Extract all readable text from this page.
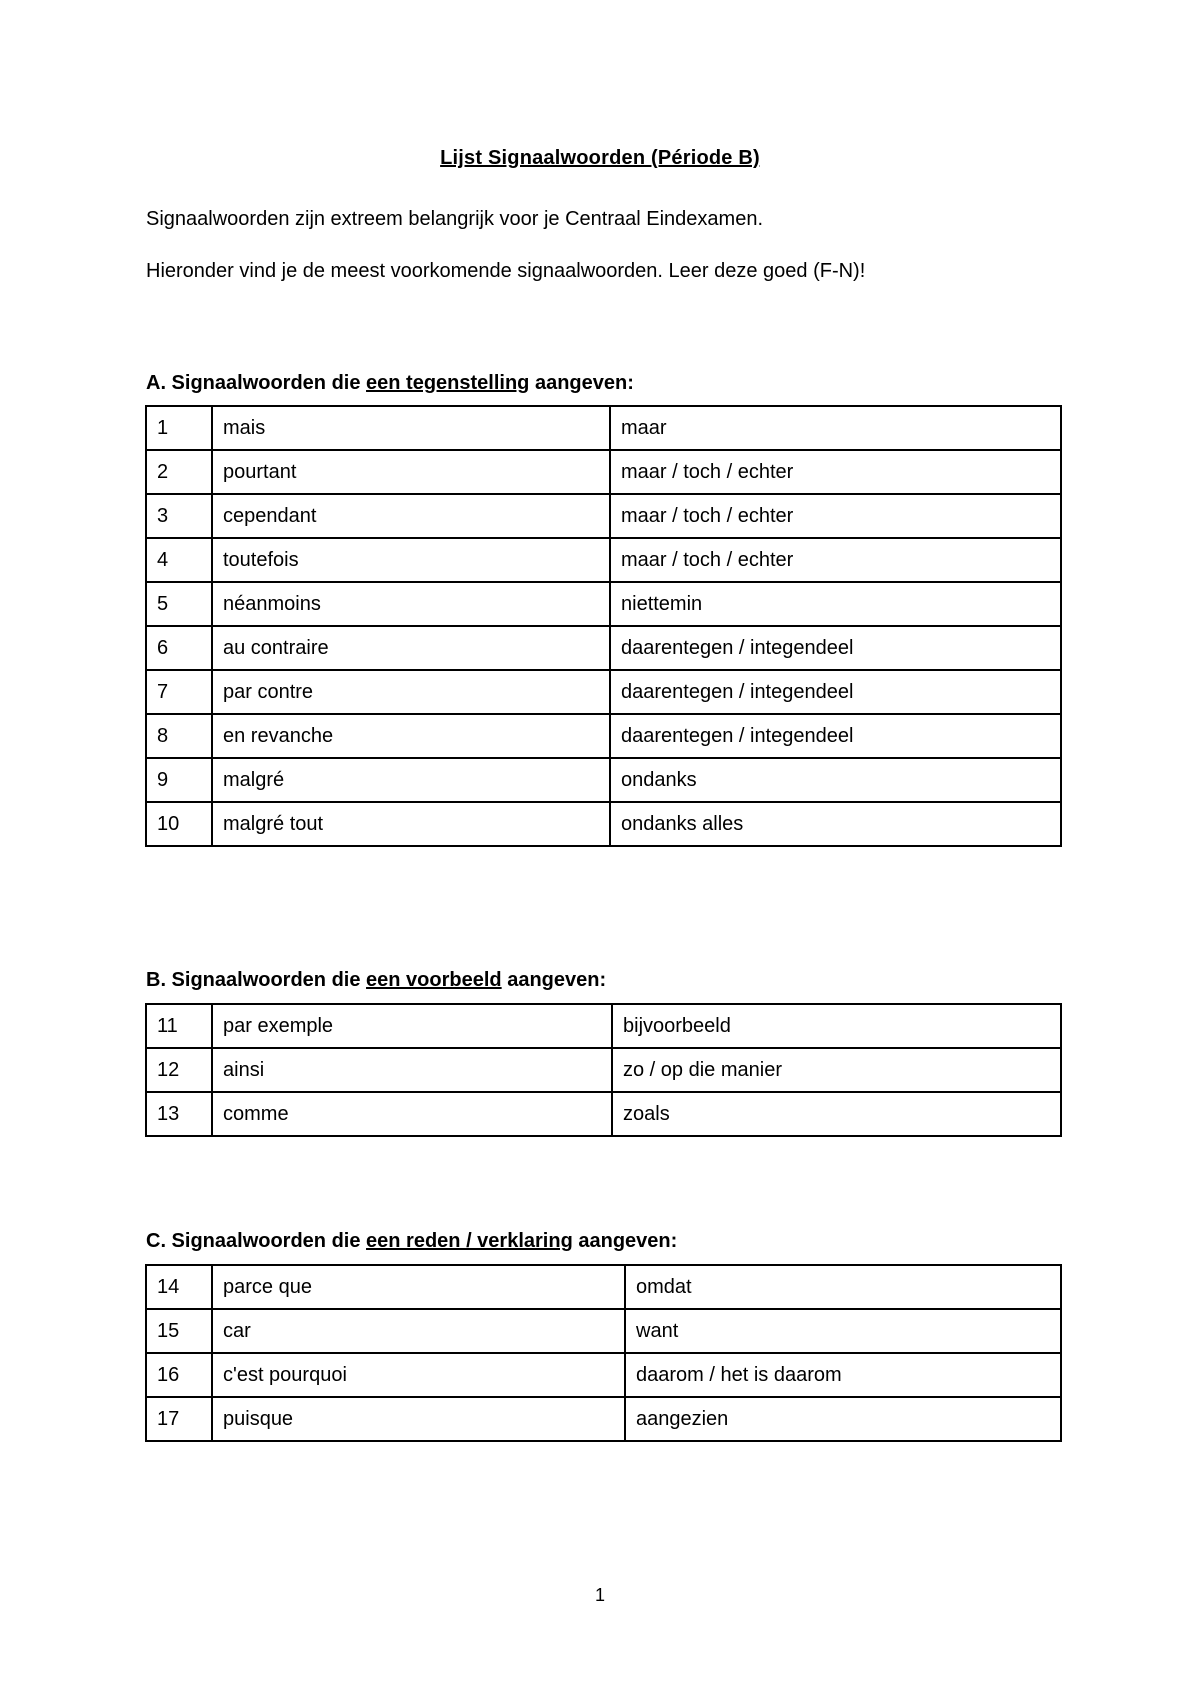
Lijst Signaalwoorden (Période B)
Signaalwoorden zijn extreem belangrijk voor je Centraal Eindexamen.
Hieronder vind je de meest voorkomende signaalwoorden. Leer deze goed (F-N)!
A. Signaalwoorden die een tegenstelling aangeven:
1	mais	maar
2	pourtant	maar / toch / echter
3	cependant	maar / toch / echter
4	toutefois	maar / toch / echter
5	néanmoins	niettemin
6	au contraire	daarentegen / integendeel
7	par contre	daarentegen / integendeel
8	en revanche	daarentegen / integendeel
9	malgré	ondanks
10	malgré tout	ondanks alles
B. Signaalwoorden die een voorbeeld aangeven:
11	par exemple	bijvoorbeeld
12	ainsi	zo / op die manier
13	comme	zoals
C. Signaalwoorden die een reden / verklaring aangeven:
14	parce que	omdat
15	car	want
16	c'est pourquoi	daarom / het is daarom
17	puisque	aangezien
1
